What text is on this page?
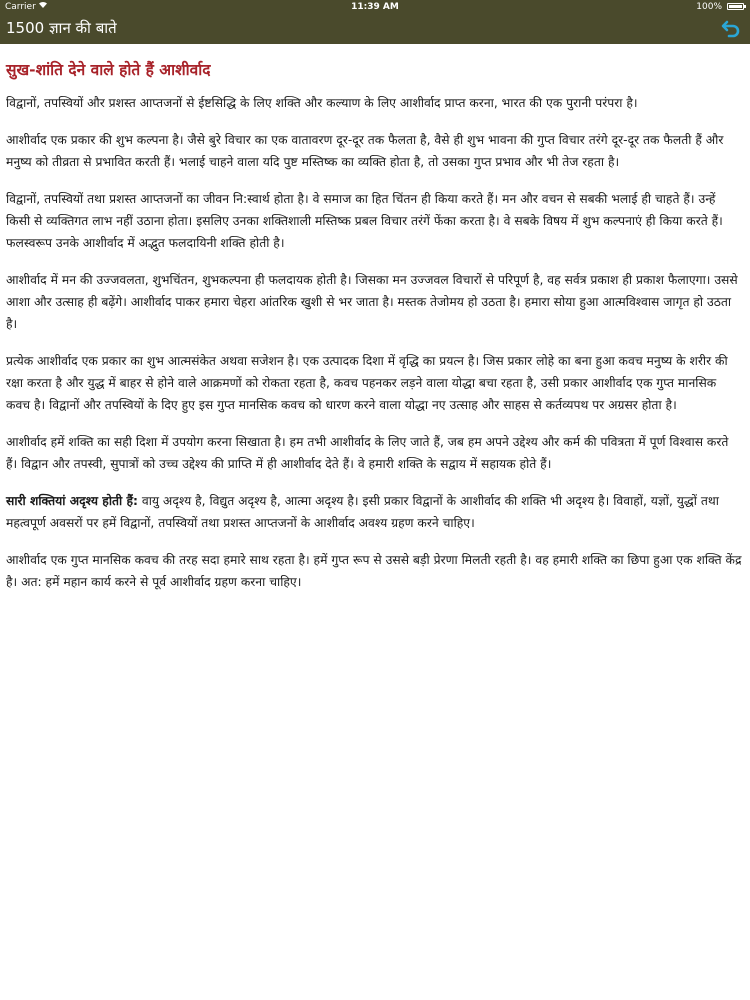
Carrier	11:39 AM	100%
1500 ज्ञान की बाते
सुख-शांति देने वाले होते हैं आशीर्वाद

विद्वानों, तपस्वियों और प्रशस्त आप्तजनों से ईष्टसिद्धि के लिए शक्ति और कल्याण के लिए आशीर्वाद प्राप्त करना, भारत की एक पुरानी परंपरा है।

आशीर्वाद एक प्रकार की शुभ कल्पना है। जैसे बुरे विचार का एक वातावरण दूर-दूर तक फैलता है, वैसे ही शुभ भावना की गुप्त विचार तरंगे दूर-दूर तक फैलती हैं और मनुष्य को तीव्रता से प्रभावित करती हैं। भलाई चाहने वाला यदि पुष्ट मस्तिष्क का व्यक्ति होता है, तो उसका गुप्त प्रभाव और भी तेज रहता है।

विद्वानों, तपस्वियों तथा प्रशस्त आप्तजनों का जीवन नि:स्वार्थ होता है। वे समाज का हित चिंतन ही किया करते हैं। मन और वचन से सबकी भलाई ही चाहते हैं। उन्हें किसी से व्यक्तिगत लाभ नहीं उठाना होता। इसलिए उनका शक्तिशाली मस्तिष्क प्रबल विचार तरंगें फेंका करता है। वे सबके विषय में शुभ कल्पनाएं ही किया करते हैं। फलस्वरूप उनके आशीर्वाद में अद्भुत फलदायिनी शक्ति होती है।

आशीर्वाद में मन की उज्जवलता, शुभचिंतन, शुभकल्पना ही फलदायक होती है। जिसका मन उज्जवल विचारों से परिपूर्ण है, वह सर्वत्र प्रकाश ही प्रकाश फैलाएगा। उससे आशा और उत्साह ही बढ़ेंगे। आशीर्वाद पाकर हमारा चेहरा आंतरिक खुशी से भर जाता है। मस्तक तेजोमय हो उठता है। हमारा सोया हुआ आत्मविश्वास जागृत हो उठता है।

प्रत्येक आशीर्वाद एक प्रकार का शुभ आत्मसंकेत अथवा सजेशन है। एक उत्पादक दिशा में वृद्धि का प्रयत्न है। जिस प्रकार लोहे का बना हुआ कवच मनुष्य के शरीर की रक्षा करता है और युद्ध में बाहर से होने वाले आक्रमणों को रोकता रहता है, कवच पहनकर लड़ने वाला योद्धा बचा रहता है, उसी प्रकार आशीर्वाद एक गुप्त मानसिक कवच है। विद्वानों और तपस्वियों के दिए हुए इस गुप्त मानसिक कवच को धारण करने वाला योद्धा नए उत्साह और साहस से कर्तव्यपथ पर अग्रसर होता है।

आशीर्वाद हमें शक्ति का सही दिशा में उपयोग करना सिखाता है। हम तभी आशीर्वाद के लिए जाते हैं, जब हम अपने उद्देश्य और कर्म की पवित्रता में पूर्ण विश्वास करते हैं। विद्वान और तपस्वी, सुपात्रों को उच्च उद्देश्य की प्राप्ति में ही आशीर्वाद देते हैं। वे हमारी शक्ति के सद्वाय में सहायक होते हैं।

सारी शक्तियां अदृश्य होती हैं: वायु अदृश्य है, विद्युत अदृश्य है, आत्मा अदृश्य है। इसी प्रकार विद्वानों के आशीर्वाद की शक्ति भी अदृश्य है। विवाहों, यज्ञों, युद्धों तथा महत्वपूर्ण अवसरों पर हमें विद्वानों, तपस्वियों तथा प्रशस्त आप्तजनों के आशीर्वाद अवश्य ग्रहण करने चाहिए।

आशीर्वाद एक गुप्त मानसिक कवच की तरह सदा हमारे साथ रहता है। हमें गुप्त रूप से उससे बड़ी प्रेरणा मिलती रहती है। वह हमारी शक्ति का छिपा हुआ एक शक्ति केंद्र है। अत: हमें महान कार्य करने से पूर्व आशीर्वाद ग्रहण करना चाहिए।
